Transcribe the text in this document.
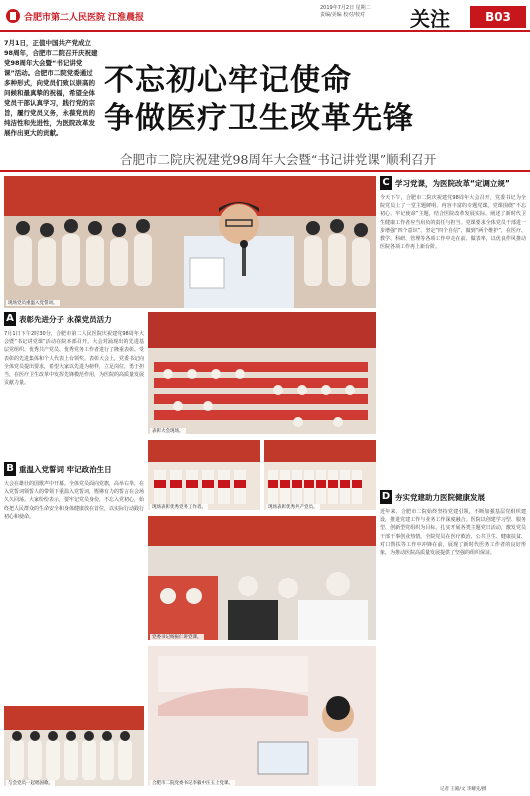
合肥市第二人民医院 江淮晨报
2019年7月2日 星期二
责编/美编 校对/校对	关注	B03
7月1日，正值中国共产党成立98周年，合肥市二院召开庆祝建党98周年大会暨“书记讲党课”活动。合肥市二院党委通过多种形式，向党员们致以崇高的问候和最真挚的祝福，希望全体党员干部认真学习，践行党的宗旨，履行党员义务，永葆党员的纯洁性和先进性，为医院改革发展作出更大的贡献。
不忘初心牢记使命
争做医疗卫生改革先锋
合肥市二院庆祝建党98周年大会暨“书记讲党课”顺利召开
现场党员重温入党誓词。
A 表彰先进分子 永葆党员活力
7月1日下午2时30分，合肥市第二人民医院庆祝建党98周年大会暨“书记讲党课”活动在院本部召开。大会对涌现出的先进基层党组织、优秀共产党员、优秀党务工作者进行了隆重表彰。受表彰的先进集体和个人代表上台领奖。表彰大会上，党委书记向全体党员提出要求，希望大家以先进为榜样，立足岗位，勇于担当，在医疗卫生改革中发挥先锋模范作用，为医院的高质量发展贡献力量。
B 重温入党誓词 牢记政治生日
大会在雄壮的国歌声中开幕。全体党员面向党旗，高举右拳，在入党誓词领誓人的带领下重温入党誓词，铿锵有力的誓言在会场久久回荡。大家纷纷表示，要牢记党员身份，不忘入党初心，始终把人民群众的生命安全和身体健康放在首位，以实际行动践行初心和使命。
表彰大会现场。
现场表彰优秀党务工作者。	现场表彰优秀共产党员。
党委书记杨振仁讲党课。
C 学习党课，为医院改革“定调立规”
今天下午，合肥市二院庆祝建党98周年大会召开，党委书记为全院党员上了一堂主题鲜明、内容丰富的专题党课。党课围绕“不忘初心、牢记使命”主题，结合医院改革发展实际，阐述了新时代卫生健康工作者应当肩负的责任与担当。党课要求全体党员干部进一步增强“四个意识”、坚定“四个自信”、做到“两个维护”，在医疗、教学、科研、管理等各项工作中走在前、做表率，以优良作风推动医院各项工作再上新台阶。
D 夯实党建助力医院健康发展
近年来，合肥市二院始终坚持党建引领，不断加强基层党组织建设，推进党建工作与业务工作深度融合。医院以创建学习型、服务型、创新型党组织为目标，扎实开展各类主题党日活动，激发党员干部干事创业热情。全院党员在医疗救治、公共卫生、健康扶贫、对口帮扶等工作中冲锋在前，展现了新时代医务工作者的良好形象，为推动医院高质量发展提供了坚强的组织保证。
与会党员一起唱国歌。	合肥市二院党委书记李毅中汪玉上党课。
记者 王殿/文 李耀先/摄
